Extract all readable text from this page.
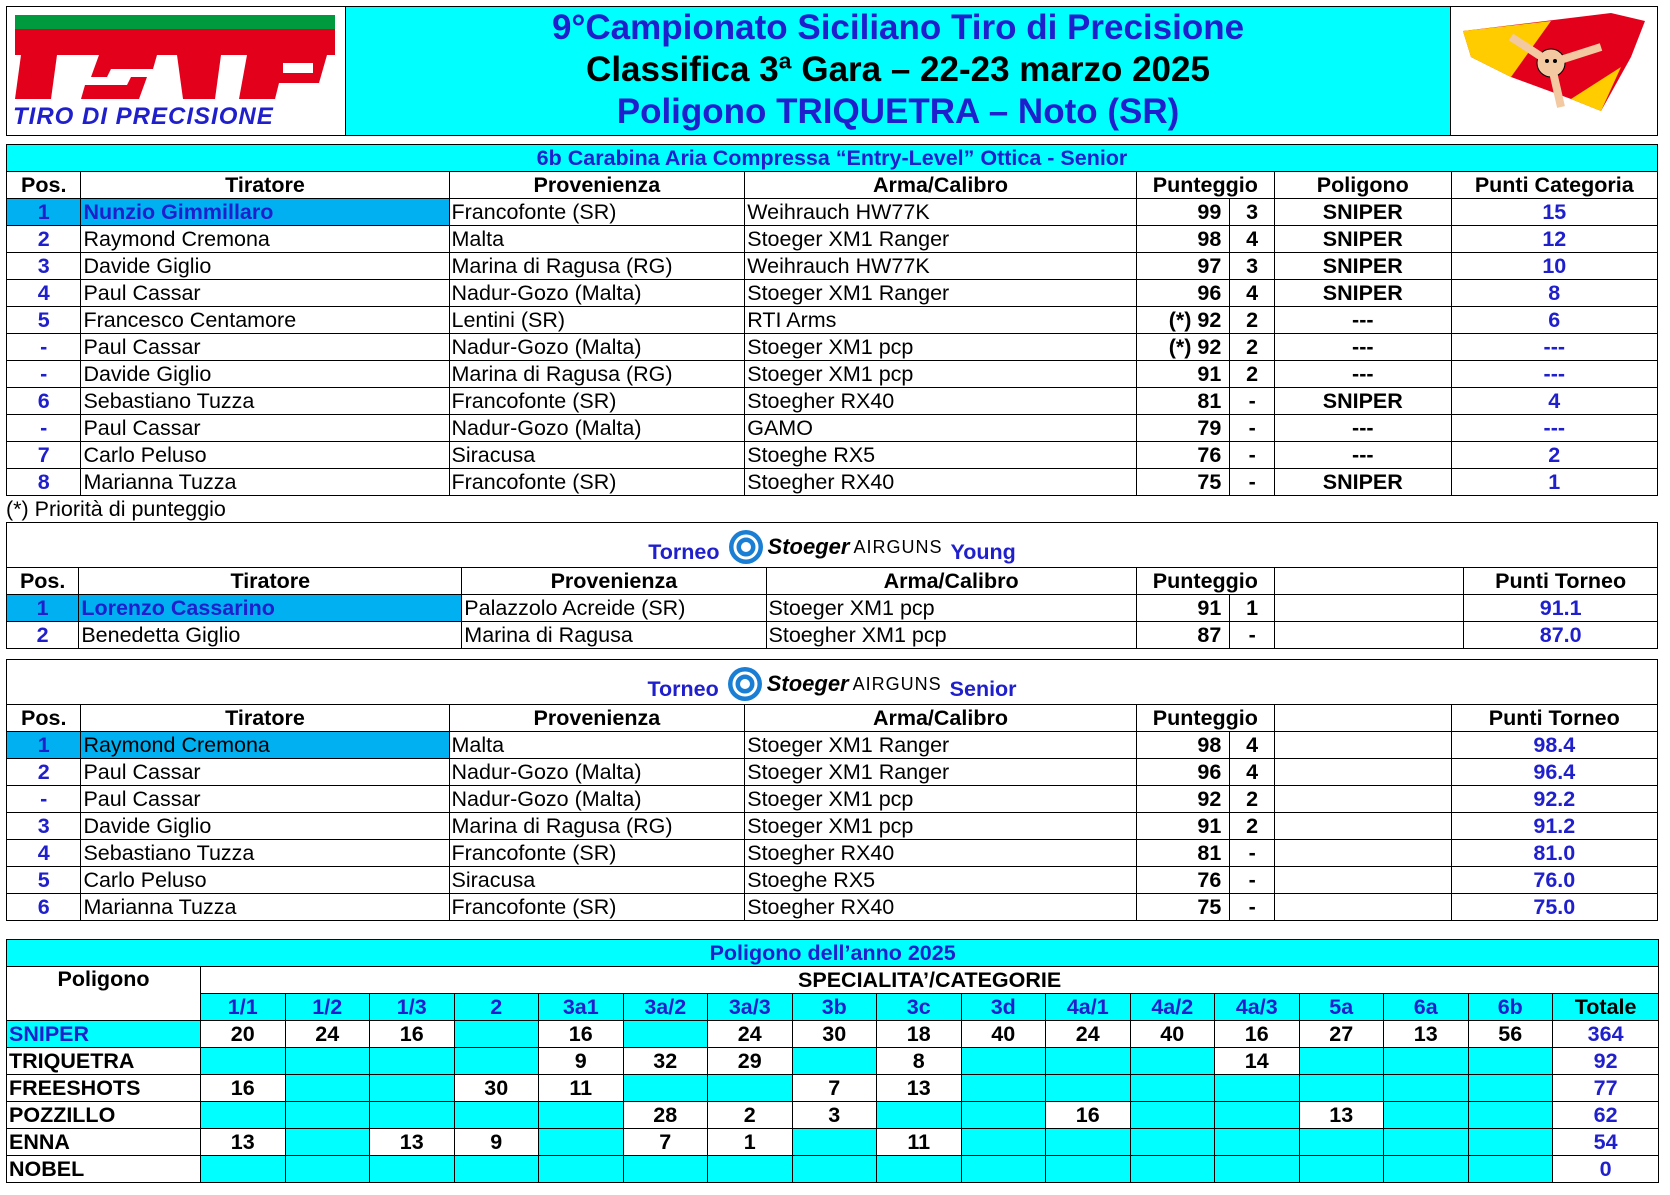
TIRO DI PRECISIONE
9°Campionato Siciliano Tiro di Precisione
Classifica 3ª Gara – 22-23 marzo 2025
Poligono TRIQUETRA – Noto (SR)
6b Carabina Aria Compressa “Entry-Level” Ottica - Senior							
Pos.	Tiratore	Provenienza	Arma/Calibro	Punteggio		Poligono	Punti Categoria
1	Nunzio Gimmillaro	Francofonte (SR)	Weihrauch HW77K	99	3	SNIPER	15
2	Raymond Cremona	Malta	Stoeger XM1 Ranger	98	4	SNIPER	12
3	Davide Giglio	Marina di Ragusa (RG)	Weihrauch HW77K	97	3	SNIPER	10
4	Paul Cassar	Nadur-Gozo (Malta)	Stoeger XM1 Ranger	96	4	SNIPER	8
5	Francesco Centamore	Lentini (SR)	RTI Arms	(*) 92	2	---	6
-	Paul Cassar	Nadur-Gozo (Malta)	Stoeger XM1 pcp	(*) 92	2	---	---
-	Davide Giglio	Marina di Ragusa (RG)	Stoeger XM1 pcp	91	2	---	---
6	Sebastiano Tuzza	Francofonte (SR)	Stoegher RX40	81	-	SNIPER	4
-	Paul Cassar	Nadur-Gozo (Malta)	GAMO	79	-	---	---
7	Carlo Peluso	Siracusa	Stoeghe RX5	76	-	---	2
8	Marianna Tuzza	Francofonte (SR)	Stoegher RX40	75	-	SNIPER	1
(*) Priorità di punteggio
Torneo Stoeger AIRGUNS Young
Pos.	Tiratore	Provenienza	Arma/Calibro	Punteggio			Punti Torneo
1	Lorenzo Cassarino	Palazzolo Acreide (SR)	Stoeger XM1 pcp	91	1		91.1
2	Benedetta Giglio	Marina di Ragusa	Stoegher XM1 pcp	87	-		87.0
Torneo Stoeger AIRGUNS Senior
Pos.	Tiratore	Provenienza	Arma/Calibro	Punteggio			Punti Torneo
1	Raymond Cremona	Malta	Stoeger XM1 Ranger	98	4		98.4
2	Paul Cassar	Nadur-Gozo (Malta)	Stoeger XM1 Ranger	96	4		96.4
-	Paul Cassar	Nadur-Gozo (Malta)	Stoeger XM1 pcp	92	2		92.2
3	Davide Giglio	Marina di Ragusa (RG)	Stoeger XM1 pcp	91	2		91.2
4	Sebastiano Tuzza	Francofonte (SR)	Stoegher RX40	81	-		81.0
5	Carlo Peluso	Siracusa	Stoeghe RX5	76	-		76.0
6	Marianna Tuzza	Francofonte (SR)	Stoegher RX40	75	-		75.0
Poligono dell’anno 2025																	
Poligono	SPECIALITA’/CATEGORIE																
	1/1	1/2	1/3	2	3a1	3a/2	3a/3	3b	3c	3d	4a/1	4a/2	4a/3	5a	6a	6b	Totale
SNIPER	20	24	16		16		24	30	18	40	24	40	16	27	13	56	364
TRIQUETRA					9	32	29		8				14				92
FREESHOTS	16			30	11			7	13								77
POZZILLO						28	2	3			16			13			62
ENNA	13		13	9		7	1		11								54
NOBEL																	0
